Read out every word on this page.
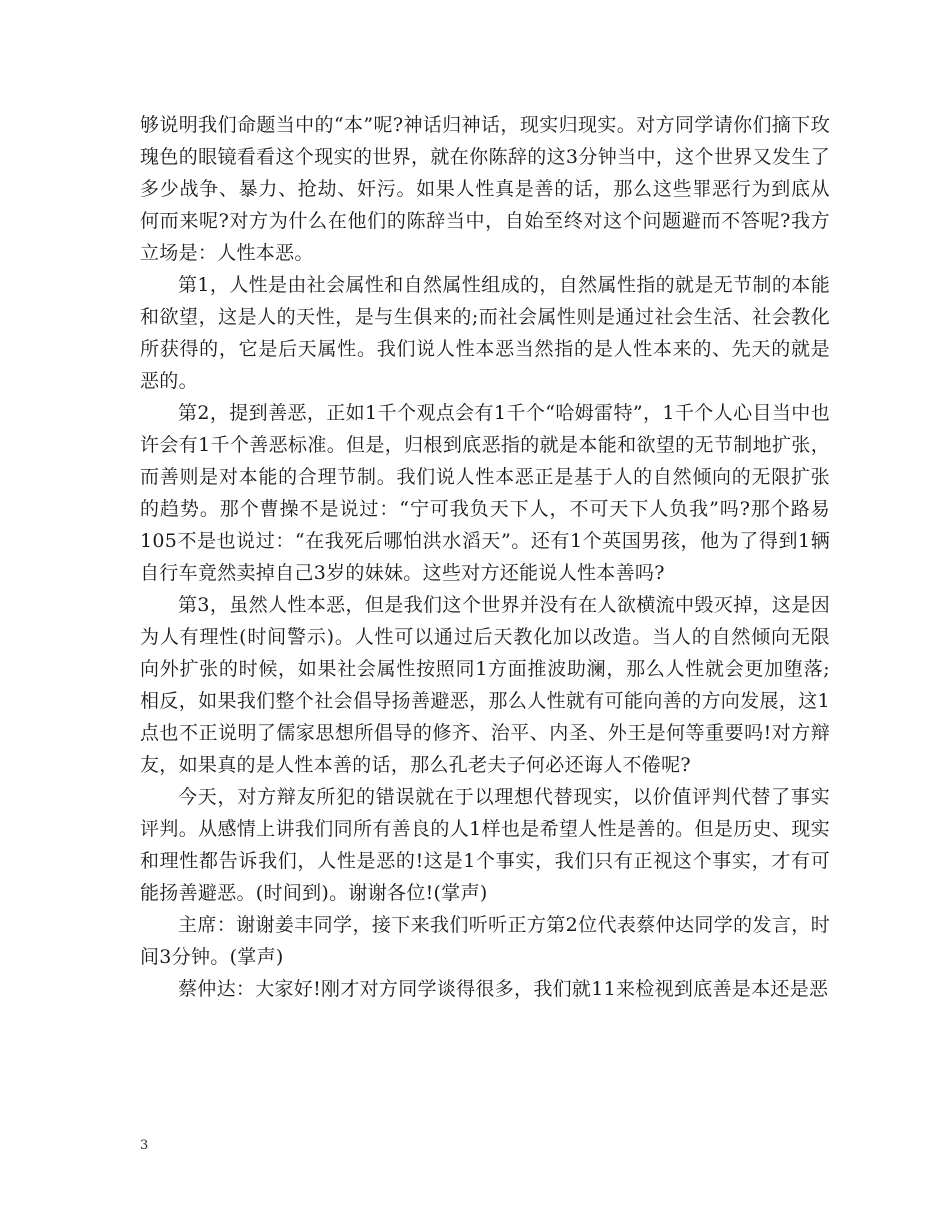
够说明我们命题当中的“本”呢?神话归神话，现实归现实。对方同学请你们摘下玫瑰色的眼镜看看这个现实的世界，就在你陈辞的这3分钟当中，这个世界又发生了多少战争、暴力、抢劫、奸污。如果人性真是善的话，那么这些罪恶行为到底从何而来呢?对方为什么在他们的陈辞当中，自始至终对这个问题避而不答呢?我方立场是：人性本恶。

第1，人性是由社会属性和自然属性组成的，自然属性指的就是无节制的本能和欲望，这是人的天性，是与生俱来的;而社会属性则是通过社会生活、社会教化所获得的，它是后天属性。我们说人性本恶当然指的是人性本来的、先天的就是恶的。

第2，提到善恶，正如1千个观点会有1千个“哈姆雷特”，1千个人心目当中也许会有1千个善恶标准。但是，归根到底恶指的就是本能和欲望的无节制地扩张，而善则是对本能的合理节制。我们说人性本恶正是基于人的自然倾向的无限扩张的趋势。那个曹操不是说过：“宁可我负天下人，不可天下人负我”吗?那个路易 105不是也说过：“在我死后哪怕洪水滔天”。还有1个英国男孩，他为了得到1辆自行车竟然卖掉自己3岁的妹妹。这些对方还能说人性本善吗?

第3，虽然人性本恶，但是我们这个世界并没有在人欲横流中毁灭掉，这是因为人有理性(时间警示)。人性可以通过后天教化加以改造。当人的自然倾向无限向外扩张的时候，如果社会属性按照同1方面推波助澜，那么人性就会更加堕落;相反，如果我们整个社会倡导扬善避恶，那么人性就有可能向善的方向发展，这1点也不正说明了儒家思想所倡导的修齐、治平、内圣、外王是何等重要吗!对方辩友，如果真的是人性本善的话，那么孔老夫子何必还诲人不倦呢?

今天，对方辩友所犯的错误就在于以理想代替现实，以价值评判代替了事实评判。从感情上讲我们同所有善良的人1样也是希望人性是善的。但是历史、现实和理性都告诉我们，人性是恶的!这是1个事实，我们只有正视这个事实，才有可能扬善避恶。(时间到)。谢谢各位!(掌声)

主席：谢谢姜丰同学，接下来我们听听正方第2位代表蔡仲达同学的发言，时间3分钟。(掌声)

蔡仲达：大家好!刚才对方同学谈得很多，我们就11来检视到底善是本还是恶

3
